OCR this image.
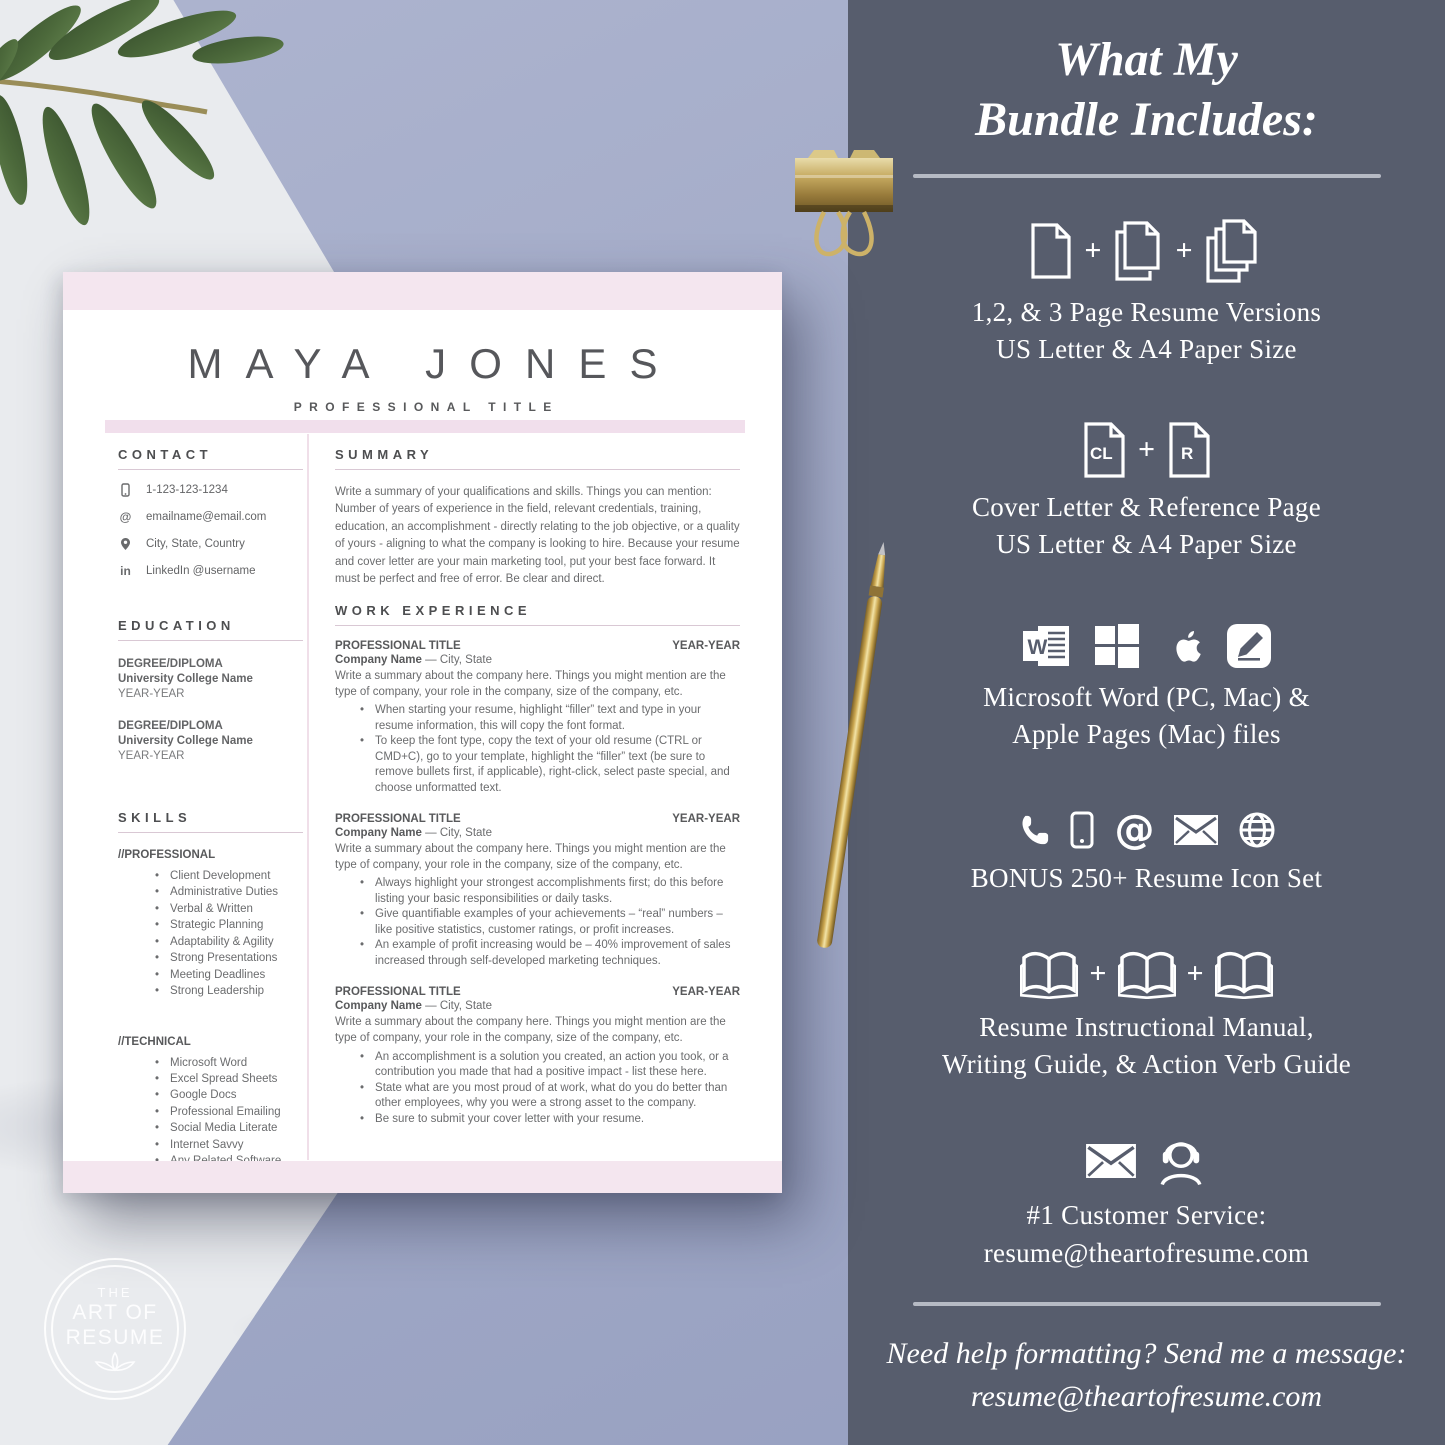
What My
Bundle Includes:
+ +
1,2, & 3 Page Resume Versions
US Letter & A4 Paper Size
CL + R
Cover Letter & Reference Page
US Letter & A4 Paper Size
W
Microsoft Word (PC, Mac) &
Apple Pages (Mac) files
@
BONUS 250+ Resume Icon Set
+	+
Resume Instructional Manual,
Writing Guide, & Action Verb Guide
#1 Customer Service:
resume@theartofresume.com
Need help formatting? Send me a message:
resume@theartofresume.com
MAYA JONES
PROFESSIONAL TITLE
CONTACT
1-123-123-1234
@ emailname@email.com
City, State, Country
in LinkedIn @username
EDUCATION
DEGREE/DIPLOMA
University College Name
YEAR-YEAR
DEGREE/DIPLOMA
University College Name
YEAR-YEAR
SKILLS
//PROFESSIONAL
• Client Development
• Administrative Duties
• Verbal & Written
• Strategic Planning
• Adaptability & Agility
• Strong Presentations
• Meeting Deadlines
• Strong Leadership
//TECHNICAL
• Microsoft Word
• Excel Spread Sheets
• Google Docs
• Professional Emailing
• Social Media Literate
• Internet Savvy
•
SUMMARY

Write a summary of your qualifications and skills. Things you can mention: Number of years of experience in the field, relevant credentials, training, education, an accomplishment - directly relating to the job objective, or a quality of yours - aligning to what the company is looking to hire. Because your resume and cover letter are your main marketing tool, put your best face forward. It must be perfect and free of error. Be clear and direct.

WORK EXPERIENCE
PROFESSIONAL TITLE	YEAR-YEAR
Company Name — City, State
Write a summary about the company here. Things you might mention are the type of company, your role in the company, size of the company, etc.
• When starting your resume, highlight “filler” text and type in your resume information, this will copy the font format.
• To keep the font type, copy the text of your old resume (CTRL or CMD+C), go to your template, highlight the “filler” text (be sure to remove bullets first, if applicable), right-click, select paste special, and choose unformatted text.
PROFESSIONAL TITLE	YEAR-YEAR
Company Name — City, State
Write a summary about the company here. Things you might mention are the type of company, your role in the company, size of the company, etc.
• Always highlight your strongest accomplishments first; do this before listing your basic responsibilities or daily tasks.
• Give quantifiable examples of your achievements – “real” numbers – like positive statistics, customer ratings, or profit increases.
• An example of profit increasing would be – 40% improvement of sales increased through self-developed marketing techniques.
PROFESSIONAL TITLE	YEAR-YEAR
Company Name — City, State
Write a summary about the company here. Things you might mention are the type of company, your role in the company, size of the company, etc.
• An accomplishment is a solution you created, an action you took, or a contribution you made that had a positive impact - list these here.
• State what are you most proud of at work, what do you do better than other employees, why you were a strong asset to the company.
• Be sure to submit your cover letter with your resume.
THE
ART OF
RESUME
